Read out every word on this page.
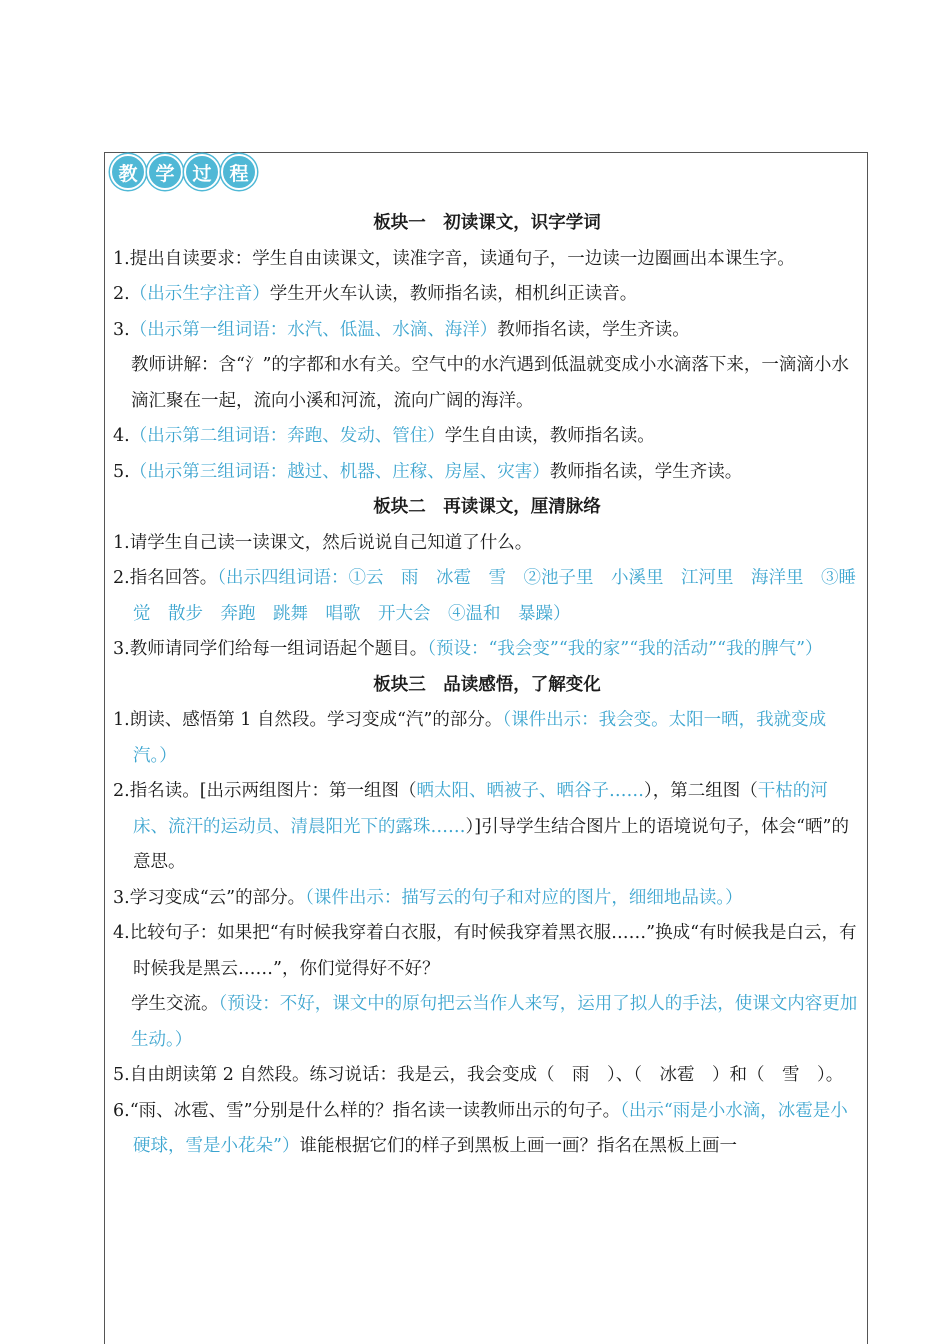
教 学 过 程
板块一　初读课文，识字学词
1.提出自读要求：学生自由读课文，读准字音，读通句子，一边读一边圈画出本课生字。
2.（出示生字注音）学生开火车认读，教师指名读，相机纠正读音。
3.（出示第一组词语：水汽、低温、水滴、海洋）教师指名读，学生齐读。
教师讲解：含“氵”的字都和水有关。空气中的水汽遇到低温就变成小水滴落下来，一滴滴小水滴汇聚在一起，流向小溪和河流，流向广阔的海洋。
4.（出示第二组词语：奔跑、发动、管住）学生自由读，教师指名读。
5.（出示第三组词语：越过、机器、庄稼、房屋、灾害）教师指名读，学生齐读。
板块二　再读课文，厘清脉络
1.请学生自己读一读课文，然后说说自己知道了什么。
2.指名回答。（出示四组词语：①云　雨　冰雹　雪　②池子里　小溪里　江河里　海洋里　③睡觉　散步　奔跑　跳舞　唱歌　开大会　④温和　暴躁）
3.教师请同学们给每一组词语起个题目。（预设：“我会变”“我的家”“我的活动”“我的脾气”）
板块三　品读感悟，了解变化
1.朗读、感悟第 1 自然段。学习变成“汽”的部分。（课件出示：我会变。太阳一晒，我就变成汽。）
2.指名读。[出示两组图片：第一组图（晒太阳、晒被子、晒谷子……），第二组图（干枯的河床、流汗的运动员、清晨阳光下的露珠……）]引导学生结合图片上的语境说句子，体会“晒”的意思。
3.学习变成“云”的部分。（课件出示：描写云的句子和对应的图片，细细地品读。）
4.比较句子：如果把“有时候我穿着白衣服，有时候我穿着黑衣服……”换成“有时候我是白云，有时候我是黑云……”，你们觉得好不好？
学生交流。（预设：不好，课文中的原句把云当作人来写，运用了拟人的手法，使课文内容更加生动。）
5.自由朗读第 2 自然段。练习说话：我是云，我会变成（　雨　）、（　冰雹　）和（　雪　）。
6.“雨、冰雹、雪”分别是什么样的？指名读一读教师出示的句子。（出示“雨是小水滴，冰雹是小硬球，雪是小花朵”）谁能根据它们的样子到黑板上画一画？指名在黑板上画一
